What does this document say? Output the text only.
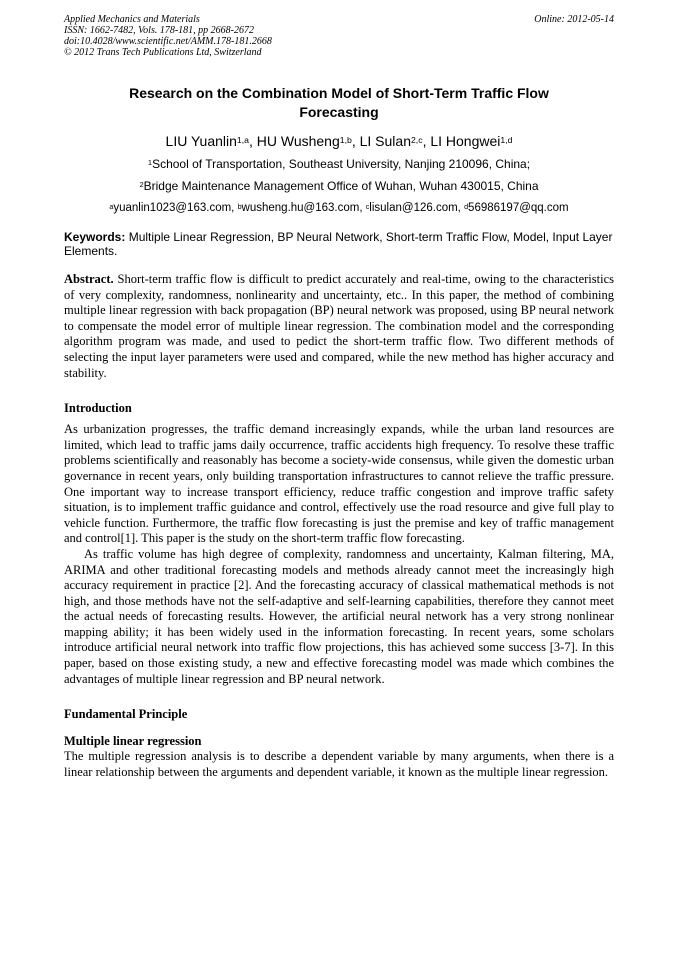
Applied Mechanics and Materials
ISSN: 1662-7482, Vols. 178-181, pp 2668-2672
doi:10.4028/www.scientific.net/AMM.178-181.2668
© 2012 Trans Tech Publications Ltd, Switzerland
Online: 2012-05-14
Research on the Combination Model of Short-Term Traffic Flow Forecasting
LIU Yuanlin$^{1,a}$, HU Wusheng$^{1,b}$, LI Sulan$^{2,c}$, LI Hongwei$^{1,d}$
$^1$School of Transportation, Southeast University, Nanjing 210096, China;
$^2$Bridge Maintenance Management Office of Wuhan, Wuhan 430015, China
$^a$yuanlin1023@163.com, $^b$wusheng.hu@163.com, $^c$lisulan@126.com, $^d$56986197@qq.com
Keywords: Multiple Linear Regression, BP Neural Network, Short-term Traffic Flow, Model, Input Layer Elements.
Abstract. Short-term traffic flow is difficult to predict accurately and real-time, owing to the characteristics of very complexity, randomness, nonlinearity and uncertainty, etc.. In this paper, the method of combining multiple linear regression with back propagation (BP) neural network was proposed, using BP neural network to compensate the model error of multiple linear regression. The combination model and the corresponding algorithm program was made, and used to pedict the short-term traffic flow. Two different methods of selecting the input layer parameters were used and compared, while the new method has higher accuracy and stability.
Introduction

As urbanization progresses, the traffic demand increasingly expands, while the urban land resources are limited, which lead to traffic jams daily occurrence, traffic accidents high frequency. To resolve these traffic problems scientifically and reasonably has become a society-wide consensus, while given the domestic urban governance in recent years, only building transportation infrastructures to cannot relieve the traffic pressure. One important way to increase transport efficiency, reduce traffic congestion and improve traffic safety situation, is to implement traffic guidance and control, effectively use the road resource and give full play to vehicle function. Furthermore, the traffic flow forecasting is just the premise and key of traffic management and control[1]. This paper is the study on the short-term traffic flow forecasting.

As traffic volume has high degree of complexity, randomness and uncertainty, Kalman filtering, MA, ARIMA and other traditional forecasting models and methods already cannot meet the increasingly high accuracy requirement in practice [2]. And the forecasting accuracy of classical mathematical methods is not high, and those methods have not the self-adaptive and self-learning capabilities, therefore they cannot meet the actual needs of forecasting results. However, the artificial neural network has a very strong nonlinear mapping ability; it has been widely used in the information forecasting. In recent years, some scholars introduce artificial neural network into traffic flow projections, this has achieved some success [3-7]. In this paper, based on those existing study, a new and effective forecasting model was made which combines the advantages of multiple linear regression and BP neural network.

Fundamental Principle
Multiple linear regression

The multiple regression analysis is to describe a dependent variable by many arguments, when there is a linear relationship between the arguments and dependent variable, it known as the multiple linear regression.
